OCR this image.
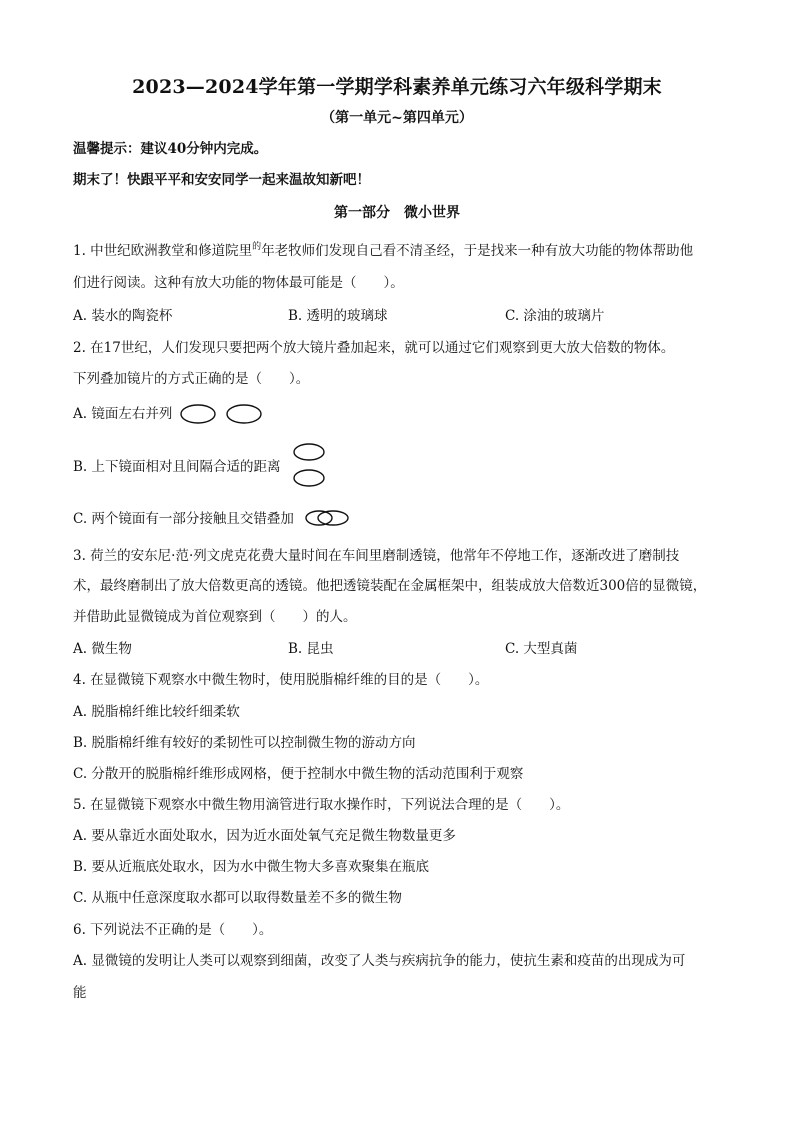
2023—2024学年第一学期学科素养单元练习六年级科学期末
（第一单元~第四单元）
温馨提示：建议40分钟内完成。
期末了！快跟平平和安安同学一起来温故知新吧！
第一部分　微小世界
1. 中世纪欧洲教堂和修道院里$^的$年老牧师们发现自己看不清圣经，于是找来一种有放大功能的物体帮助他
们进行阅读。这种有放大功能的物体最可能是（　　）。
A. 装水的陶瓷杯	B. 透明的玻璃球	C. 涂油的玻璃片
2. 在17世纪，人们发现只要把两个放大镜片叠加起来，就可以通过它们观察到更大放大倍数的物体。
下列叠加镜片的方式正确的是（　　）。
A. 镜面左右并列
B. 上下镜面相对且间隔合适的距离
C. 两个镜面有一部分接触且交错叠加
3. 荷兰的安东尼·范·列文虎克花费大量时间在车间里磨制透镜，他常年不停地工作，逐渐改进了磨制技
术，最终磨制出了放大倍数更高的透镜。他把透镜装配在金属框架中，组装成放大倍数近300倍的显微镜，
并借助此显微镜成为首位观察到（　　）的人。
A. 微生物	B. 昆虫	C. 大型真菌
4. 在显微镜下观察水中微生物时，使用脱脂棉纤维的目的是（　　）。
A. 脱脂棉纤维比较纤细柔软
B. 脱脂棉纤维有较好的柔韧性可以控制微生物的游动方向
C. 分散开的脱脂棉纤维形成网格，便于控制水中微生物的活动范围利于观察
5. 在显微镜下观察水中微生物用滴管进行取水操作时，下列说法合理的是（　　）。
A. 要从靠近水面处取水，因为近水面处氧气充足微生物数量更多
B. 要从近瓶底处取水，因为水中微生物大多喜欢聚集在瓶底
C. 从瓶中任意深度取水都可以取得数量差不多的微生物
6. 下列说法不正确的是（　　）。
A. 显微镜的发明让人类可以观察到细菌，改变了人类与疾病抗争的能力，使抗生素和疫苗的出现成为可
能
